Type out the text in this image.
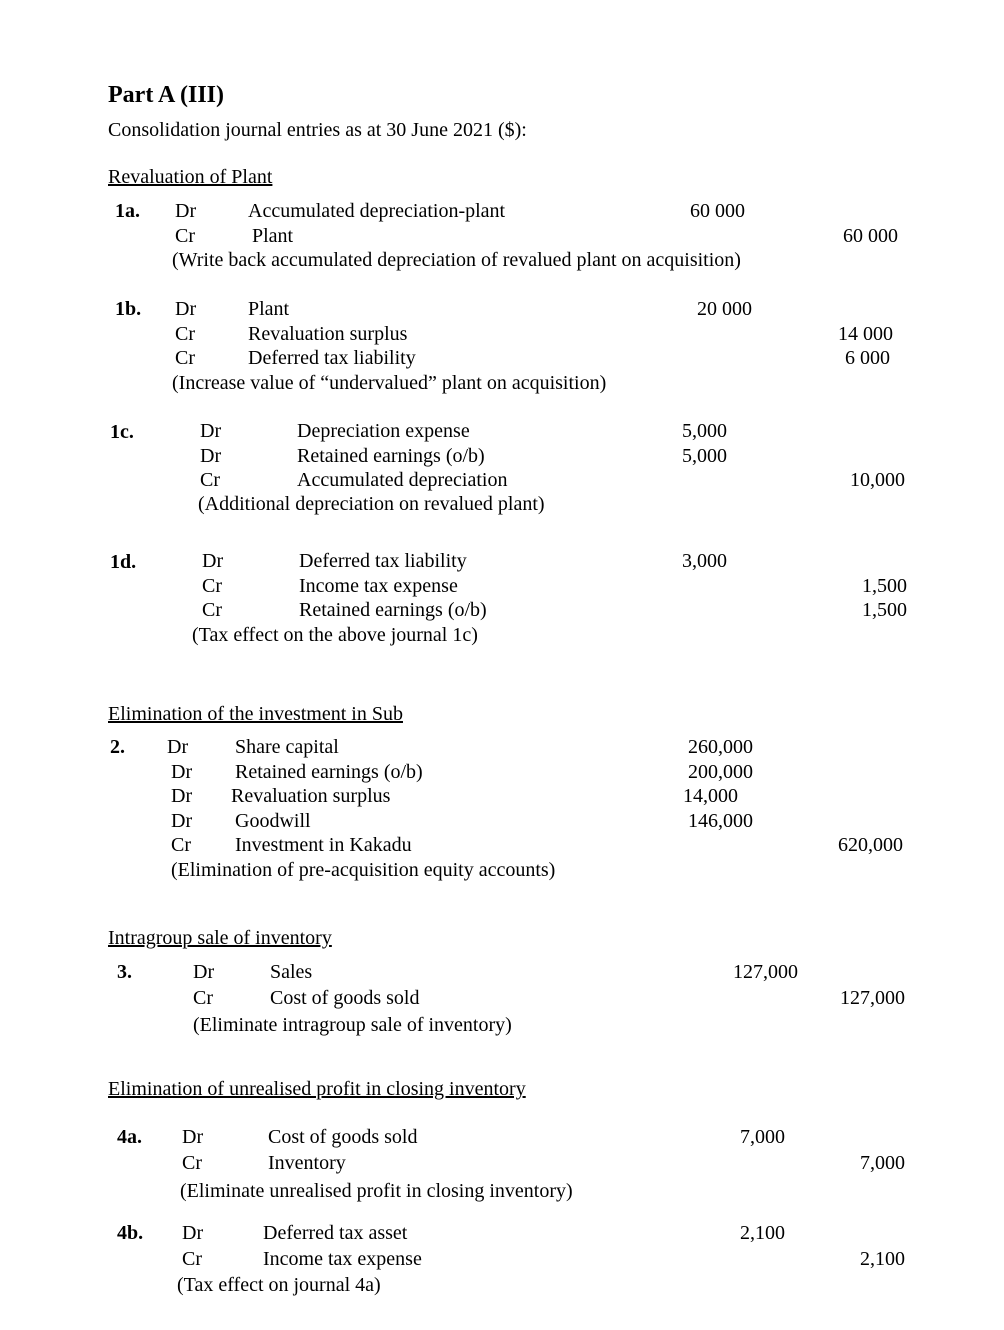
Part A (III)
Consolidation journal entries as at 30 June 2021 ($):
Revaluation of Plant
1a. Dr	Accumulated depreciation-plant	60 000
Cr	Plant	60 000
(Write back accumulated depreciation of revalued plant on acquisition)
1b. Dr	Plant	20 000
Cr	Revaluation surplus	14 000
Cr	Deferred tax liability	6 000
(Increase value of “undervalued” plant on acquisition)
1c.	Dr	Depreciation expense	5,000
Dr	Retained earnings (o/b)	5,000
Cr	Accumulated depreciation	10,000
(Additional depreciation on revalued plant)
1d.	Dr	Deferred tax liability	3,000
Cr	Income tax expense	1,500
Cr	Retained earnings (o/b)	1,500
(Tax effect on the above journal 1c)
Elimination of the investment in Sub
2. Dr Share capital	260,000
Dr Retained earnings (o/b)	200,000
Dr Revaluation surplus	14,000
Dr Goodwill	146,000
Cr Investment in Kakadu	620,000
(Elimination of pre-acquisition equity accounts)
Intragroup sale of inventory
3.	Dr	Sales	127,000
Cr	Cost of goods sold	127,000
(Eliminate intragroup sale of inventory)
Elimination of unrealised profit in closing inventory
4a. Dr	Cost of goods sold	7,000
Cr	Inventory	7,000
(Eliminate unrealised profit in closing inventory)
4b. Dr	Deferred tax asset	2,100
Cr	Income tax expense	2,100
(Tax effect on journal 4a)
